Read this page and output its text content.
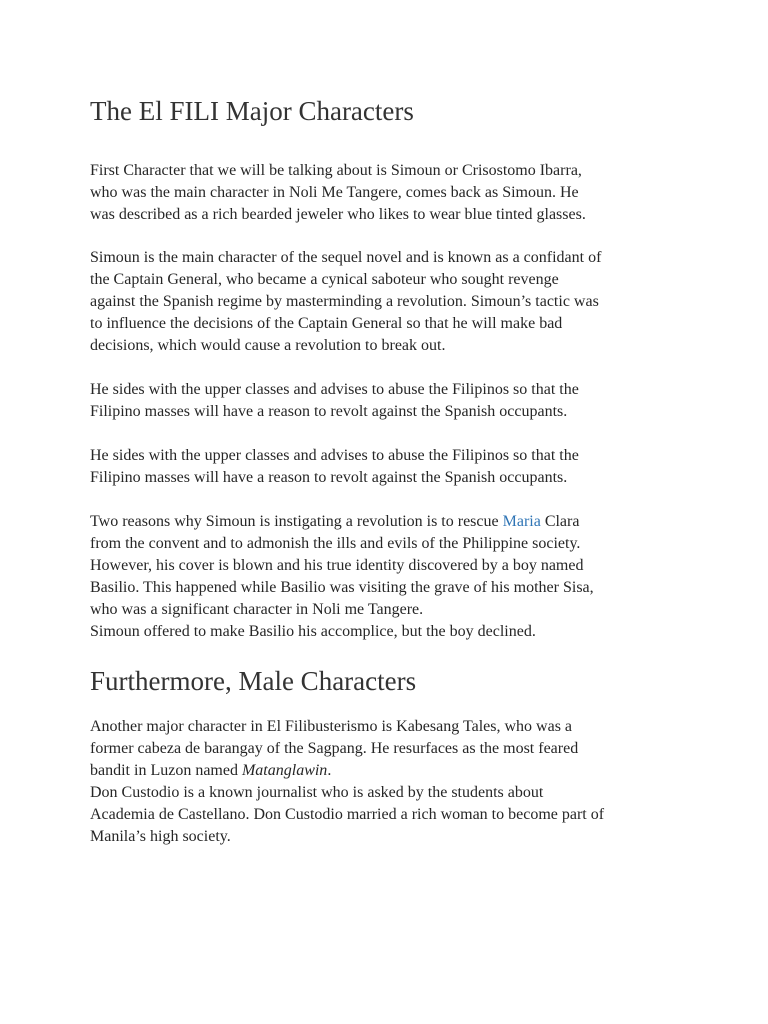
The El FILI Major Characters

First Character that we will be talking about is Simoun or Crisostomo Ibarra,

who was the main character in Noli Me Tangere, comes back as Simoun. He

was described as a rich bearded jeweler who likes to wear blue tinted glasses.

Simoun is the main character of the sequel novel and is known as a confidant of

the Captain General, who became a cynical saboteur who sought revenge

against the Spanish regime by masterminding a revolution. Simoun’s tactic was

to influence the decisions of the Captain General so that he will make bad

decisions, which would cause a revolution to break out.

He sides with the upper classes and advises to abuse the Filipinos so that the

Filipino masses will have a reason to revolt against the Spanish occupants.

He sides with the upper classes and advises to abuse the Filipinos so that the

Filipino masses will have a reason to revolt against the Spanish occupants.

Two reasons why Simoun is instigating a revolution is to rescue Maria Clara

from the convent and to admonish the ills and evils of the Philippine society.

However, his cover is blown and his true identity discovered by a boy named

Basilio. This happened while Basilio was visiting the grave of his mother Sisa,

who was a significant character in Noli me Tangere.

Simoun offered to make Basilio his accomplice, but the boy declined.

Furthermore, Male Characters

Another major character in El Filibusterismo is Kabesang Tales, who was a

former cabeza de barangay of the Sagpang. He resurfaces as the most feared

bandit in Luzon named Matanglawin.

Don Custodio is a known journalist who is asked by the students about

Academia de Castellano. Don Custodio married a rich woman to become part of

Manila’s high society.
